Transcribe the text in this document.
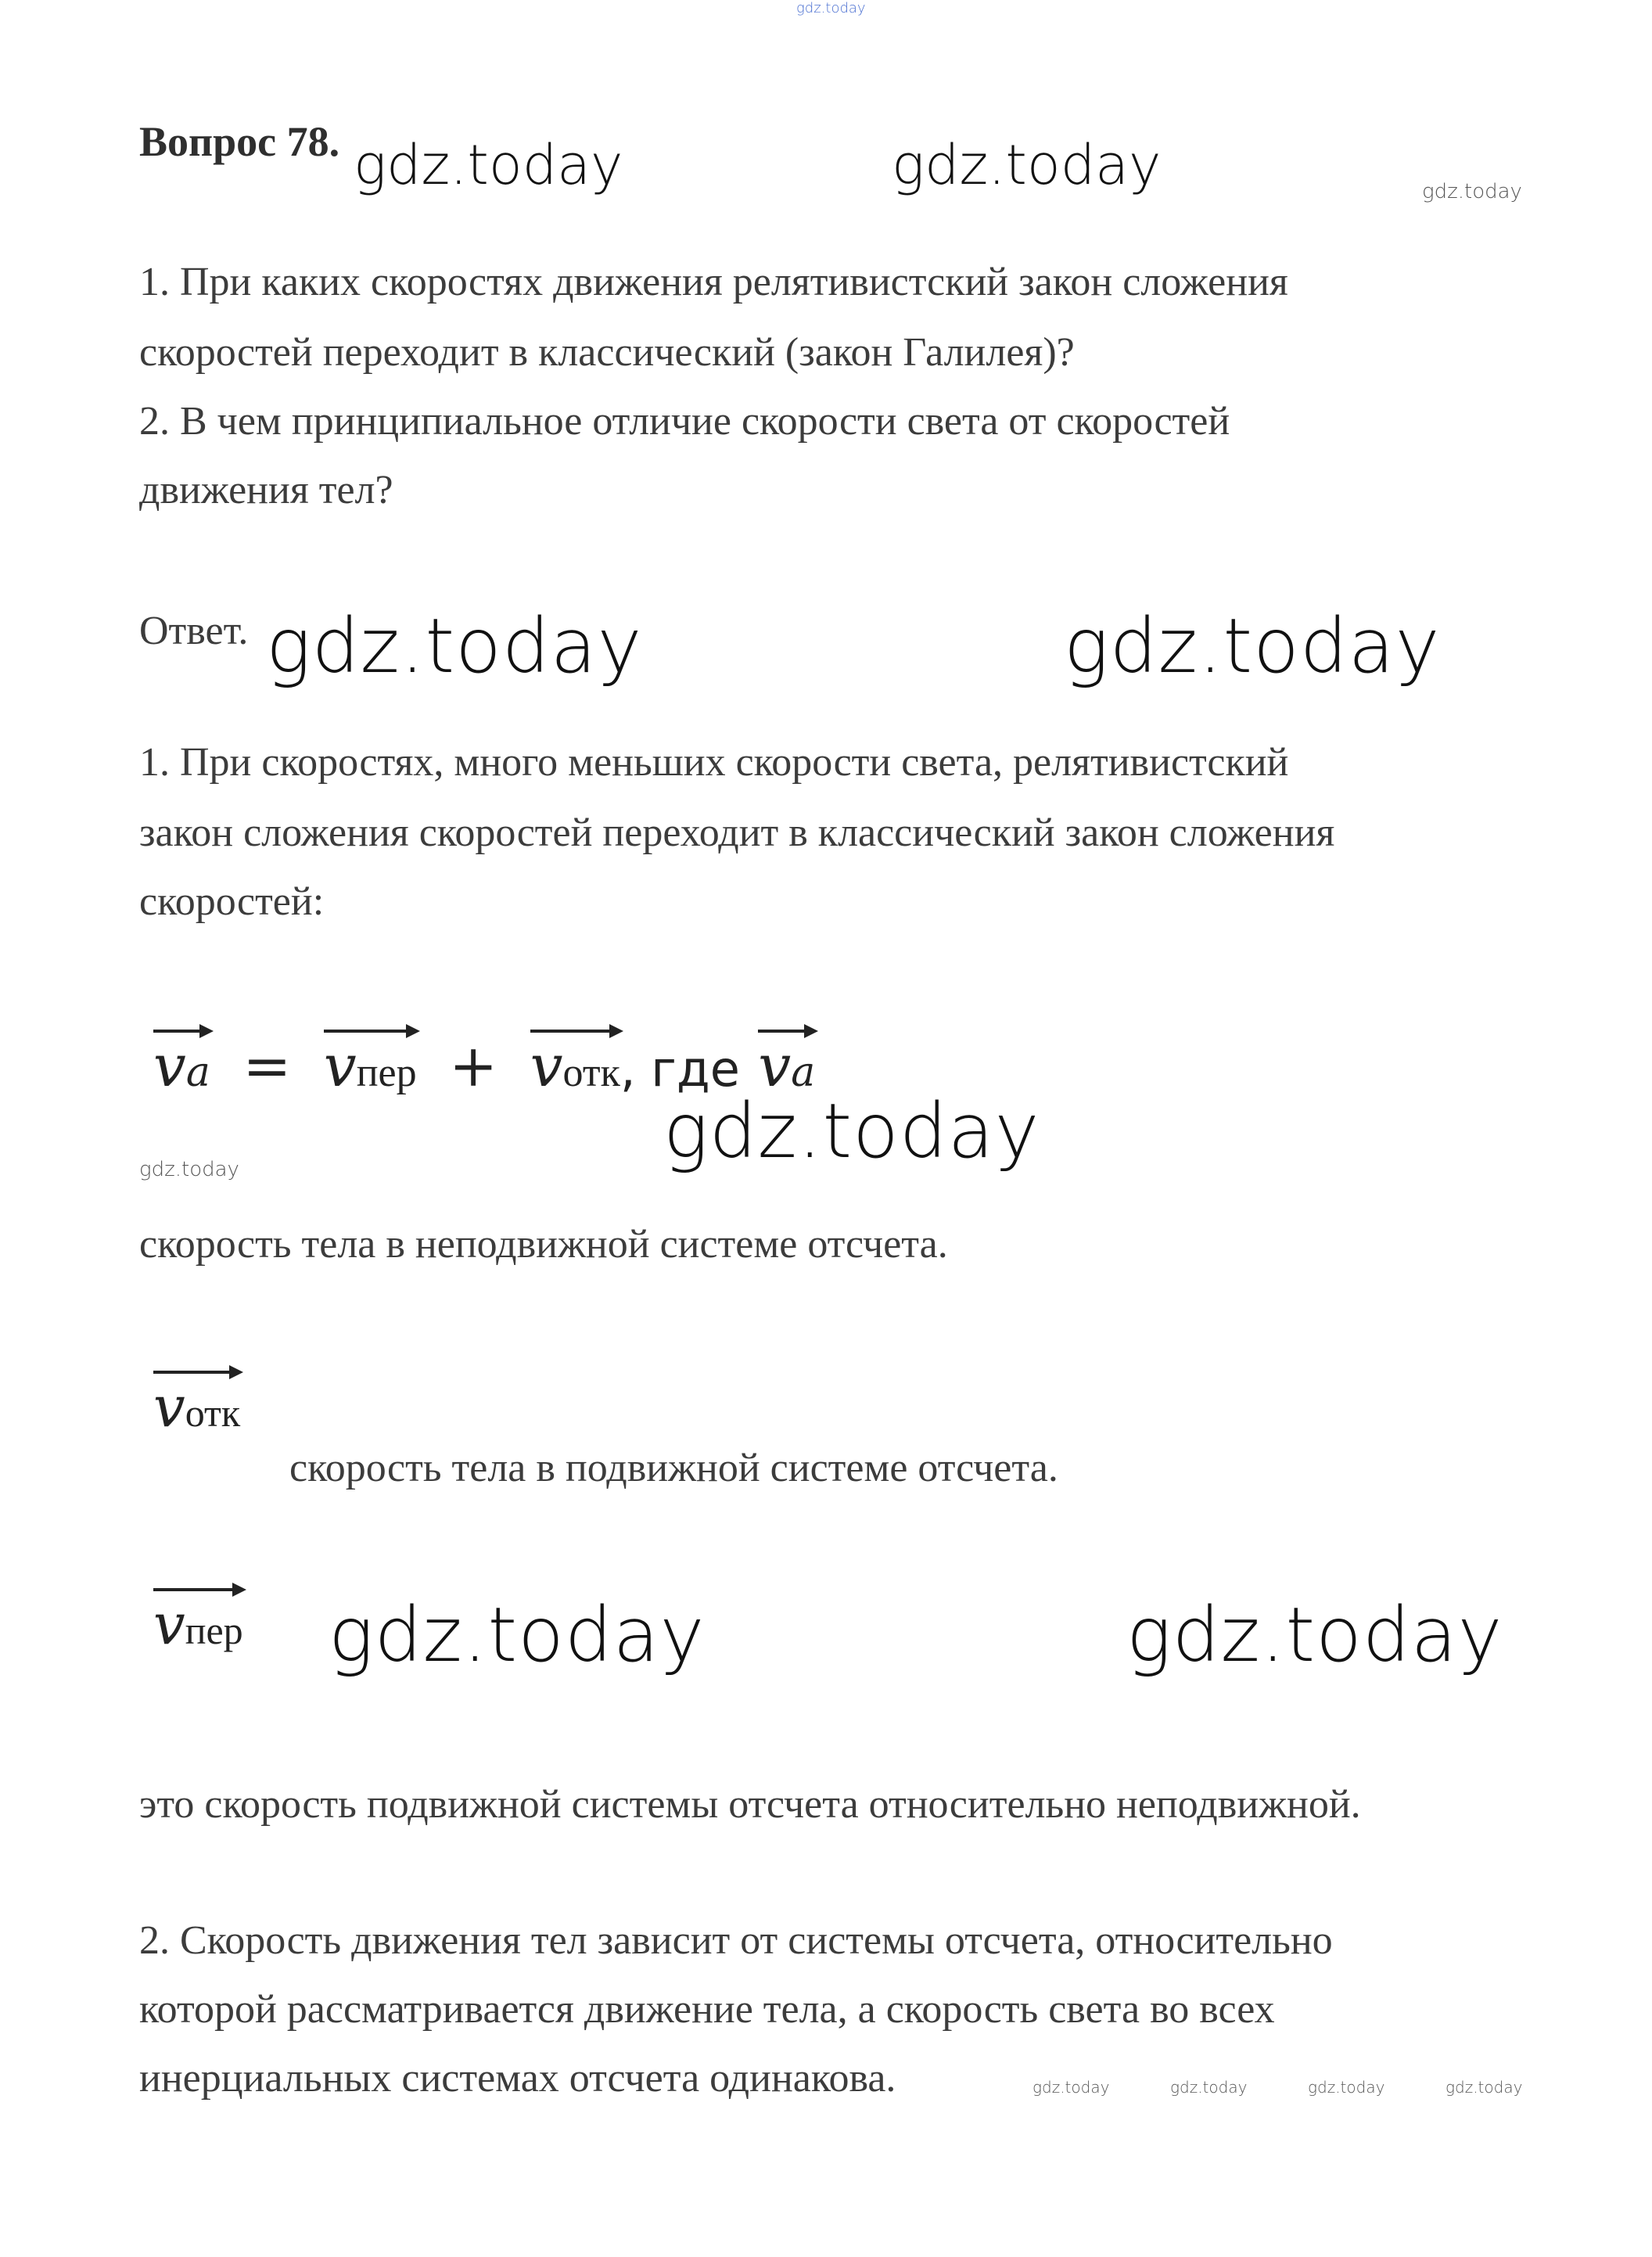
gdz.today
Вопрос 78. gdz.today	gdz.today	gdz.today
1. При каких скоростях движения релятивистский закон сложения
скоростей переходит в классический (закон Галилея)?
2. В чем принципиальное отличие скорости света от скоростей
движения тел?
Ответ. gdz.today	gdz.today
1. При скоростях, много меньших скорости света, релятивистский
закон сложения скоростей переходит в классический закон сложения
скоростей:
va = vпер + vотк, где va
gdz.today
gdz.today
скорость тела в неподвижной системе отсчета.
vотк
скорость тела в подвижной системе отсчета.
vпер gdz.today	gdz.today
это скорость подвижной системы отсчета относительно неподвижной.
2. Скорость движения тел зависит от системы отсчета, относительно
которой рассматривается движение тела, а скорость света во всех
инерциальных системах отсчета одинакова.	gdz.today	gdz.today	gdz.today	gdz.today
